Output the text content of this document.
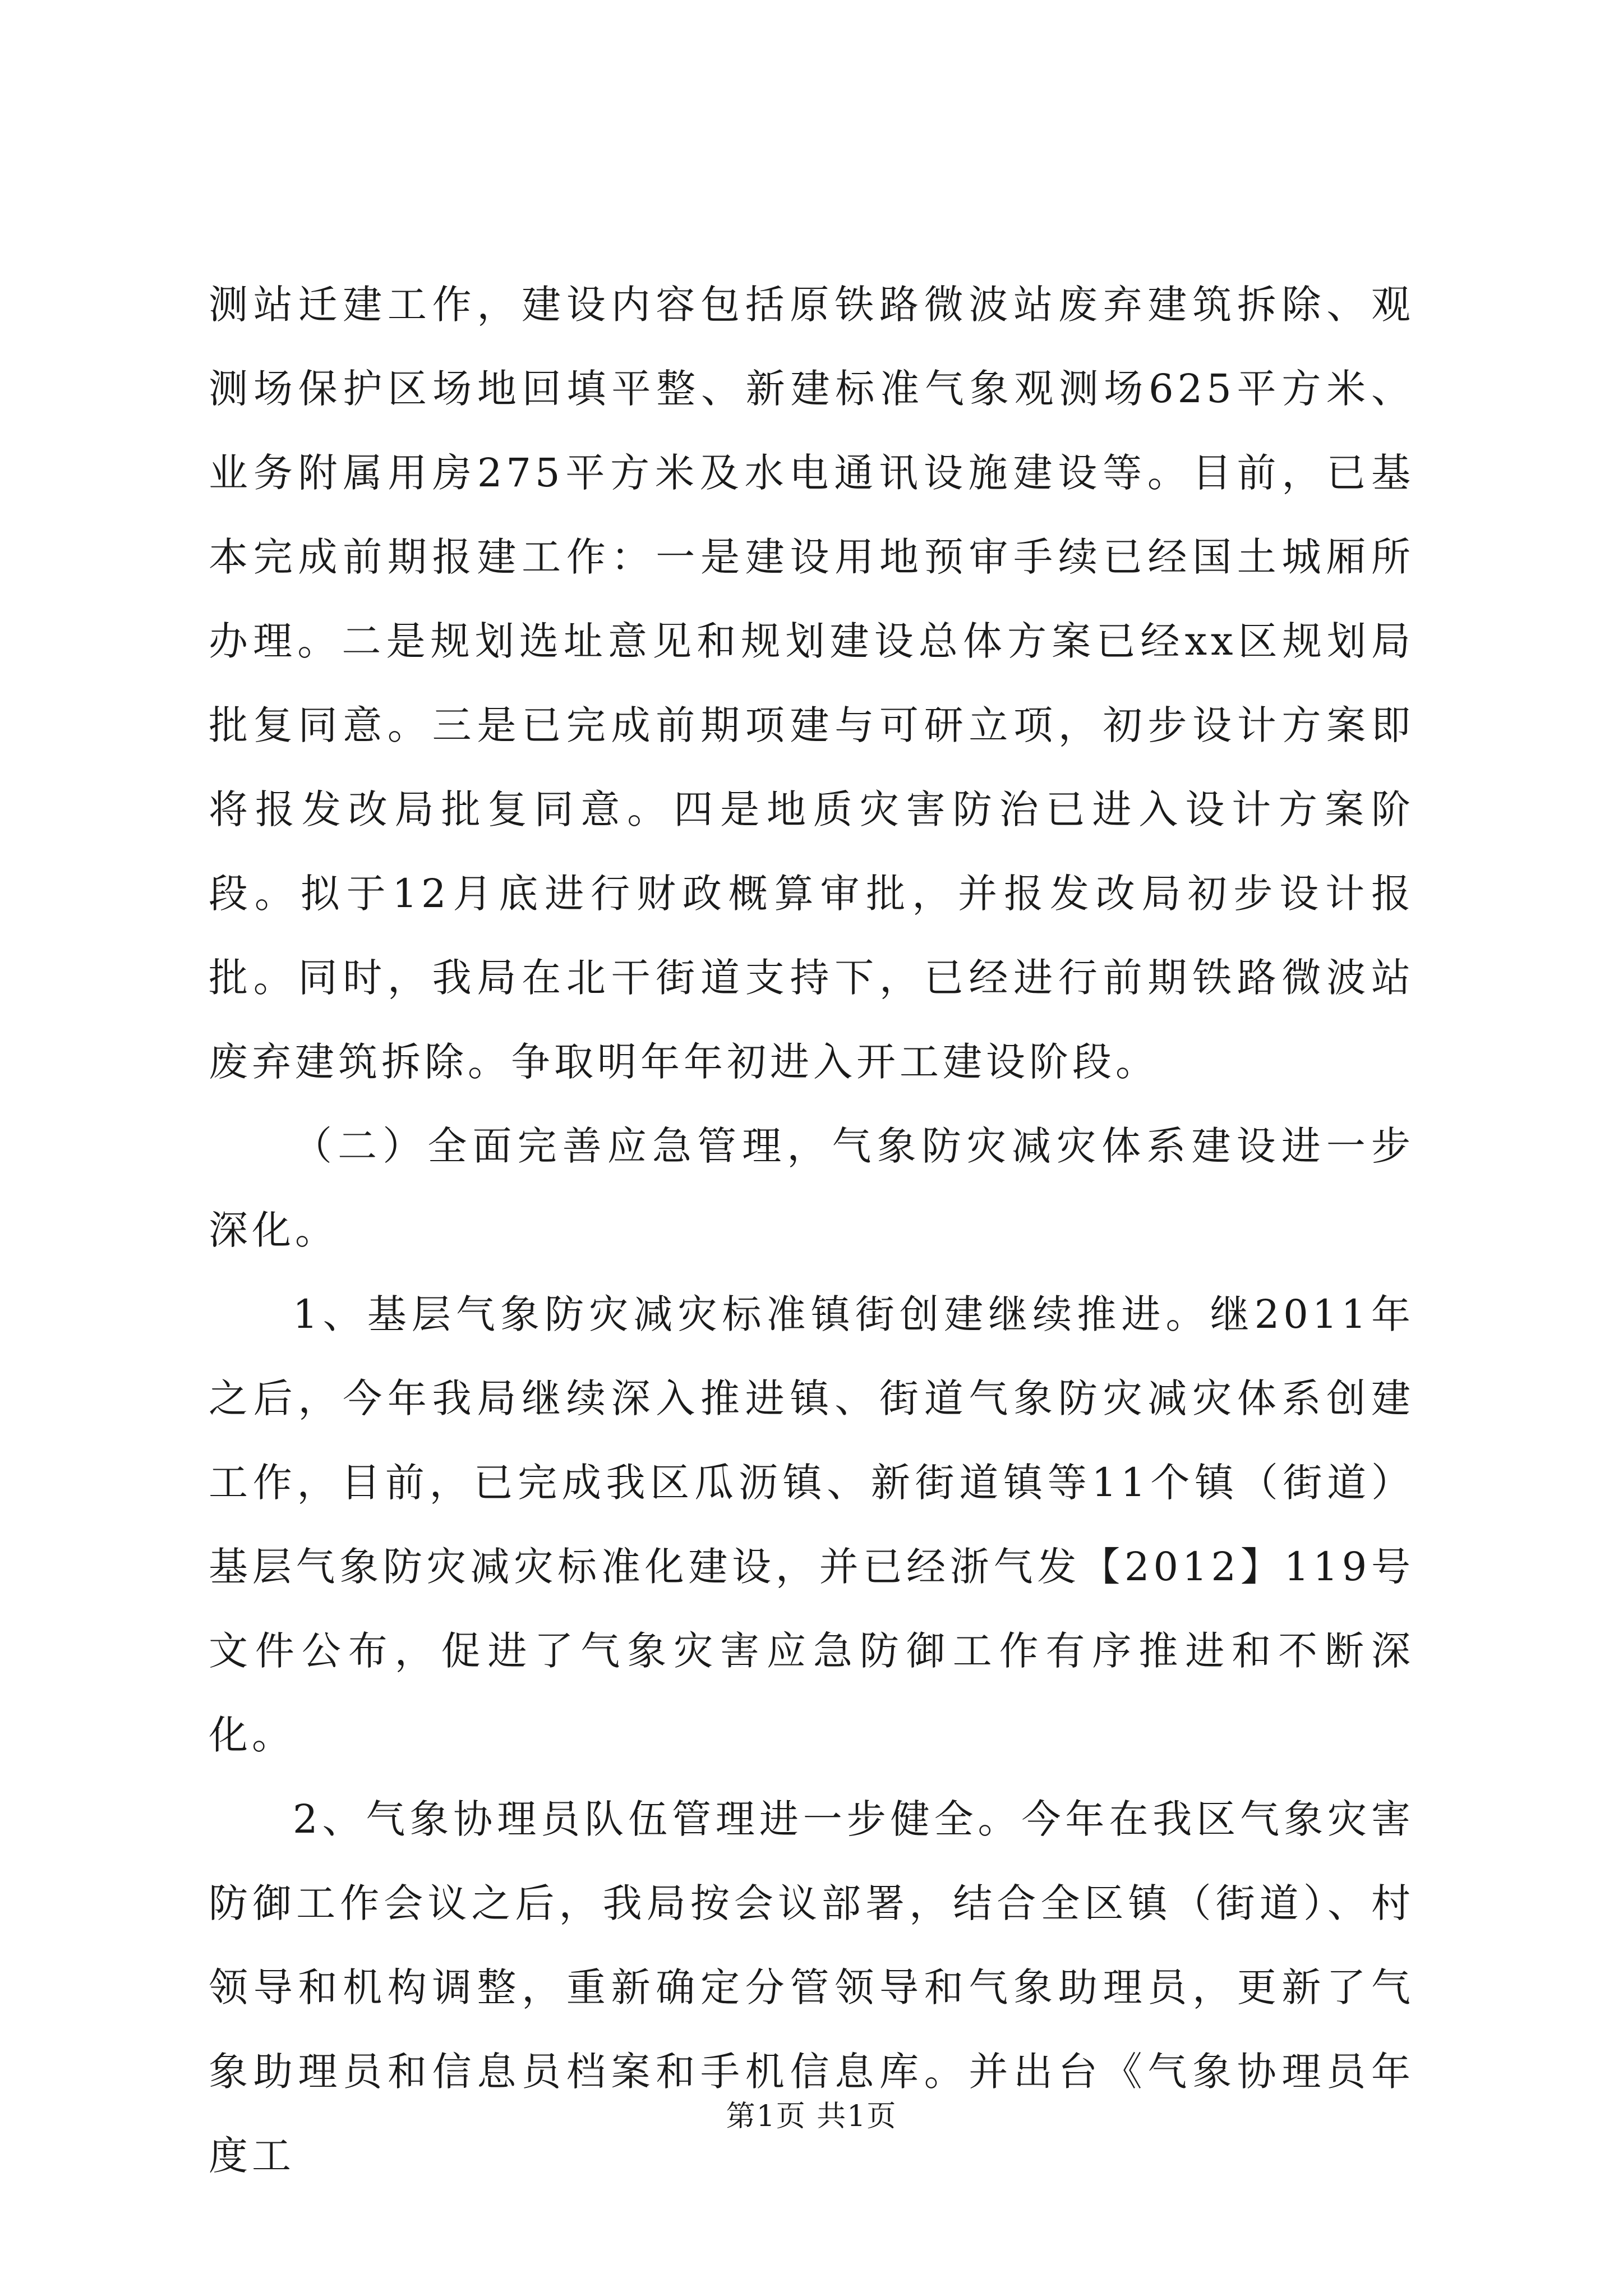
测站迁建工作，建设内容包括原铁路微波站废弃建筑拆除、观测场保护区场地回填平整、新建标准气象观测场625平方米、业务附属用房275平方米及水电通讯设施建设等。目前，已基本完成前期报建工作：一是建设用地预审手续已经国土城厢所办理。二是规划选址意见和规划建设总体方案已经xx区规划局批复同意。三是已完成前期项建与可研立项，初步设计方案即将报发改局批复同意。四是地质灾害防治已进入设计方案阶段。拟于12月底进行财政概算审批，并报发改局初步设计报批。同时，我局在北干街道支持下，已经进行前期铁路微波站废弃建筑拆除。争取明年年初进入开工建设阶段。

（二）全面完善应急管理，气象防灾减灾体系建设进一步深化。

1、基层气象防灾减灾标准镇街创建继续推进。继2011年之后，今年我局继续深入推进镇、街道气象防灾减灾体系创建工作，目前，已完成我区瓜沥镇、新街道镇等11个镇（街道）基层气象防灾减灾标准化建设，并已经浙气发【2012】119号文件公布，促进了气象灾害应急防御工作有序推进和不断深化。

2、气象协理员队伍管理进一步健全。今年在我区气象灾害防御工作会议之后，我局按会议部署，结合全区镇（街道）、村领导和机构调整，重新确定分管领导和气象助理员，更新了气象助理员和信息员档案和手机信息库。并出台《气象协理员年度工

第1页 共1页
